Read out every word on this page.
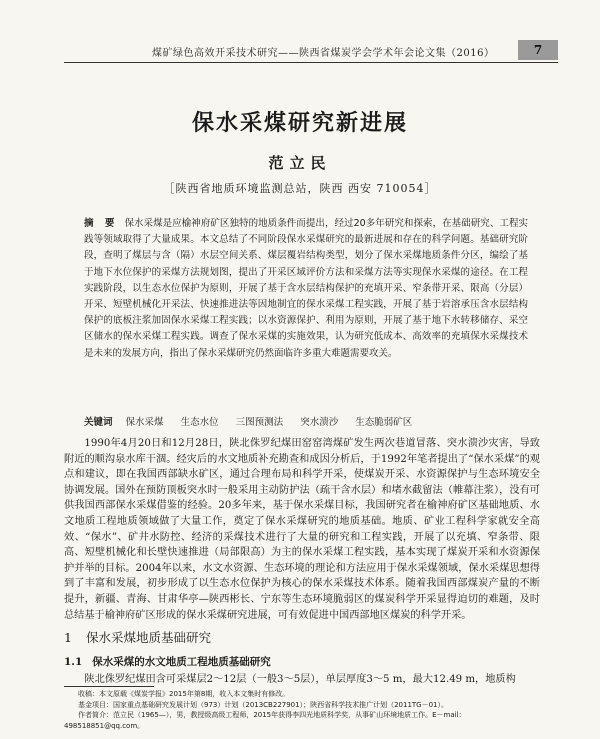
煤矿绿色高效开采技术研究——陕西省煤炭学会学术年会论文集（2016）	7
保水采煤研究新进展
范立民
［陕西省地质环境监测总站，陕西 西安 710054］
摘 要 保水采煤是应榆神府矿区独特的地质条件而提出，经过20多年研究和探索，在基础研究、工程实践等领域取得了大量成果。本文总结了不同阶段保水采煤研究的最新进展和存在的科学问题。基础研究阶段，查明了煤层与含（隔）水层空间关系、煤层覆岩结构类型，划分了保水采煤地质条件分区，编绘了基于地下水位保护的采煤方法规划图，提出了开采区域评价方法和采煤方法等实现保水采煤的途径。在工程实践阶段，以生态水位保护为原则，开展了基于含水层结构保护的充填开采、窄条带开采、限高（分层）开采、短壁机械化开采法、快速推进法等因地制宜的保水采煤工程实践，开展了基于岩溶承压含水层结构保护的底板注浆加固保水采煤工程实践；以水资源保护、利用为原则，开展了基于地下水转移储存、采空区储水的保水采煤工程实践。调查了保水采煤的实施效果，认为研究低成本、高效率的充填保水采煤技术是未来的发展方向，指出了保水采煤研究仍然面临许多重大难题需要攻关。
关键词 保水采煤 生态水位 三图预测法 突水溃沙 生态脆弱矿区
1990年4月20日和12月28日，陕北侏罗纪煤田窑窑湾煤矿发生两次巷道冒落、突水溃沙灾害，导致附近的顺沟泉水库干涸。经灾后的水文地质补充勘查和成因分析后，于1992年笔者提出了“保水采煤”的观点和建议，即在我国西部缺水矿区，通过合理布局和科学开采，使煤炭开采、水资源保护与生态环境安全协调发展。国外在预防顶板突水时一般采用主动防护法（疏干含水层）和堵水截留法（帷幕注浆），没有可供我国西部保水采煤借鉴的经验。20多年来，基于保水采煤目标，我国研究者在榆神府矿区基础地质、水文地质工程地质领域做了大量工作，奠定了保水采煤研究的地质基础。地质、矿业工程科学家就安全高效、“保水”、矿井水防控、经济的采煤技术进行了大量的研究和工程实践，开展了以充填、窄条带、限高、短壁机械化和长壁快速推进（局部限高）为主的保水采煤工程实践，基本实现了煤炭开采和水资源保护并举的目标。2004年以来，水文水资源、生态环境的理论和方法应用于保水采煤领域，保水采煤思想得到了丰富和发展，初步形成了以生态水位保护为核心的保水采煤技术体系。随着我国西部煤炭产量的不断提升，新疆、青海、甘肃华亭—陕西彬长、宁东等生态环境脆弱区的煤炭科学开采显得迫切的难题，及时总结基于榆神府矿区形成的保水采煤研究进展，可有效促进中国西部地区煤炭的科学开采。
1 保水采煤地质基础研究
1.1 保水采煤的水文地质工程地质基础研究
陕北侏罗纪煤田含可采煤层2～12层（一般3～5层），单层厚度3～5 m，最大12.49 m，地质构
收稿：本文原载《煤炭学报》2015年第8期，收入本文集时有修改。
基金项目：国家重点基础研究发展计划（973）计划（2013CB227901）；陕西省科学技术推广计划（2011TG－01）。
作者简介：范立民（1965—），男，教授级高级工程师，2015年获得李四光地质科学奖，从事矿山环境地质工作。E－mail：
498518851@qq.com。
